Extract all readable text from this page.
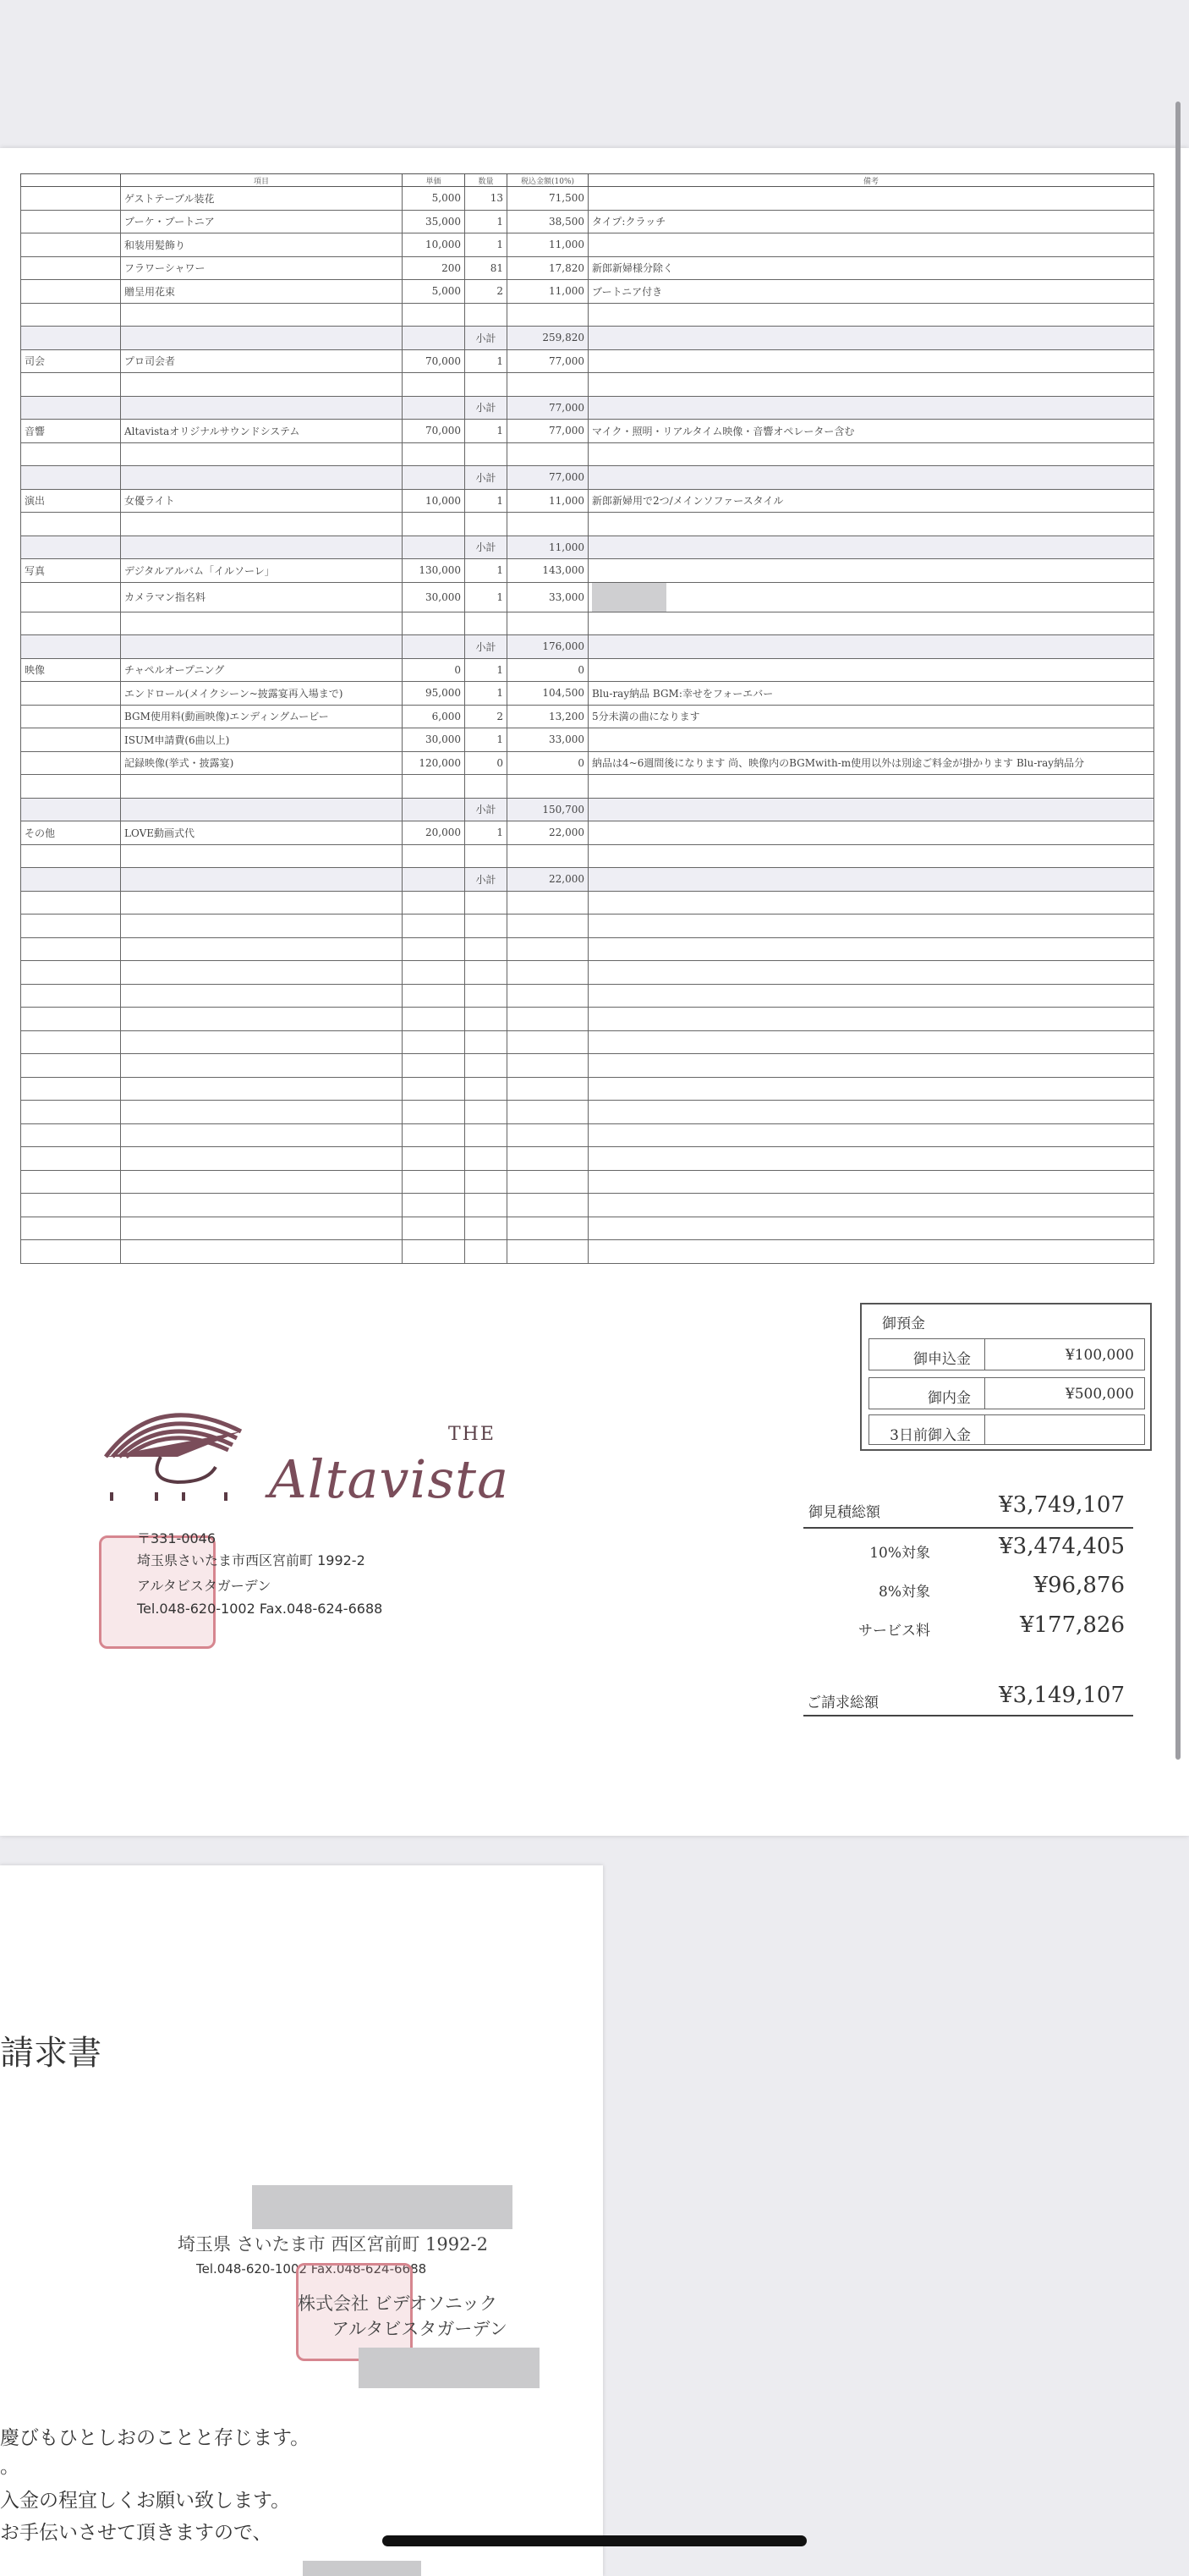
	項目	単価	数量	税込金額(10%)	備考
	ゲストテーブル装花	5,000	13	71,500	
	ブーケ・ブートニア	35,000	1	38,500	タイプ:クラッチ
	和装用髪飾り	10,000	1	11,000	
	フラワーシャワー	200	81	17,820	新郎新婦様分除く
	贈呈用花束	5,000	2	11,000	ブートニア付き

			小計	259,820	
司会	プロ司会者	70,000	1	77,000	

			小計	77,000	
音響	Altavistaオリジナルサウンドシステム	70,000	1	77,000	マイク・照明・リアルタイム映像・音響オペレーター含む

			小計	77,000	
演出	女優ライト	10,000	1	11,000	新郎新婦用で2つ/メインソファースタイル

			小計	11,000	
写真	デジタルアルバム「イルソーレ」	130,000	1	143,000	
	カメラマン指名料	30,000	1	33,000	

			小計	176,000	
映像	チャペルオープニング	0	1	0	
	エンドロール(メイクシーン~披露宴再入場まで)	95,000	1	104,500	Blu-ray納品 BGM:幸せをフォーエバー
	BGM使用料(動画映像)エンディングムービー	6,000	2	13,200	5分未満の曲になります
	ISUM申請費(6曲以上)	30,000	1	33,000	
	記録映像(挙式・披露宴)	120,000	0	0	納品は4~6週間後になります 尚、映像内のBGMwith-m使用以外は別途ご料金が掛かります Blu-ray納品分

			小計	150,700	
その他	LOVE動画式代	20,000	1	22,000	

			小計	22,000	

御預金
御申込金	¥100,000
御内金	¥500,000
3日前御入金
御見積総額	¥3,749,107
10%対象	¥3,474,405
8%対象	¥96,876
サービス料	¥177,826
ご請求総額	¥3,149,107
THE
Altavista
〒331-0046
埼玉県さいたま市西区宮前町 1992-2
アルタビスタガーデン
Tel.048-620-1002 Fax.048-624-6688
請求書
埼玉県 さいたま市 西区宮前町 1992-2
Tel.048-620-1002 Fax.048-624-6688
株式会社 ビデオソニック
アルタビスタガーデン
慶びもひとしおのことと存じます。
。
入金の程宜しくお願い致します。
お手伝いさせて頂きますので、
